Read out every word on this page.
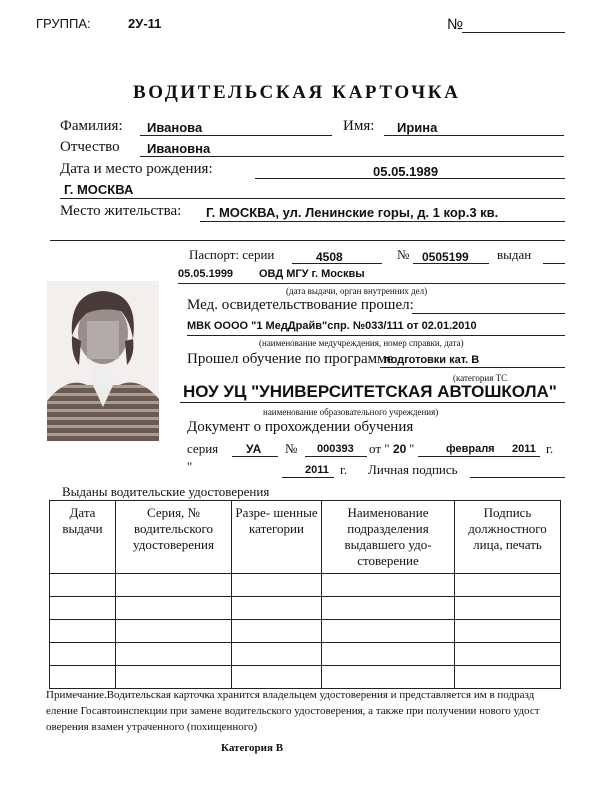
ГРУППА:	2У-11	№
ВОДИТЕЛЬСКАЯ КАРТОЧКА
Фамилия: Иванова	Имя: Ирина
Отчество Ивановна
Дата и место рождения:	05.05.1989
Г. МОСКВА
Место жительства: Г. МОСКВА, ул. Ленинские горы, д. 1 кор.3 кв.
Паспорт: серии	4508	№ 0505199 выдан
05.05.1999 ОВД МГУ г. Москвы
(дата выдачи, орган внутренних дел)
Мед. освидетельствование прошел:
МВК ОООО "1 МедДрайв"спр. №033/111 от 02.01.2010
(наименование медучреждения, номер справки, дата)
Прошел обучение по программе
подготовки кат. В
(категория ТС
НОУ УЦ "УНИВЕРСИТЕТСКАЯ АВТОШКОЛА"
наименование образовательного учреждения)
Документ о прохождении обучения
серия УА № 000393 от " 20 "	февраля 2011 г.
"	2011 г. Личная подпись
Выданы водительские удостоверения
Дата выдачи	Серия, № водительского удостоверения	Разре- шенные категории	Наименование подразделения выдавшего удо- стоверение	Подпись должностного лица, печать

Примечание.Водительская карточка хранится владельцем удостоверения и представляется им в подразд
еление Госавтоинспекции при замене водительского удостоверения, а также при получении нового удост
оверения взамен утраченного (похищенного)
Категория В
